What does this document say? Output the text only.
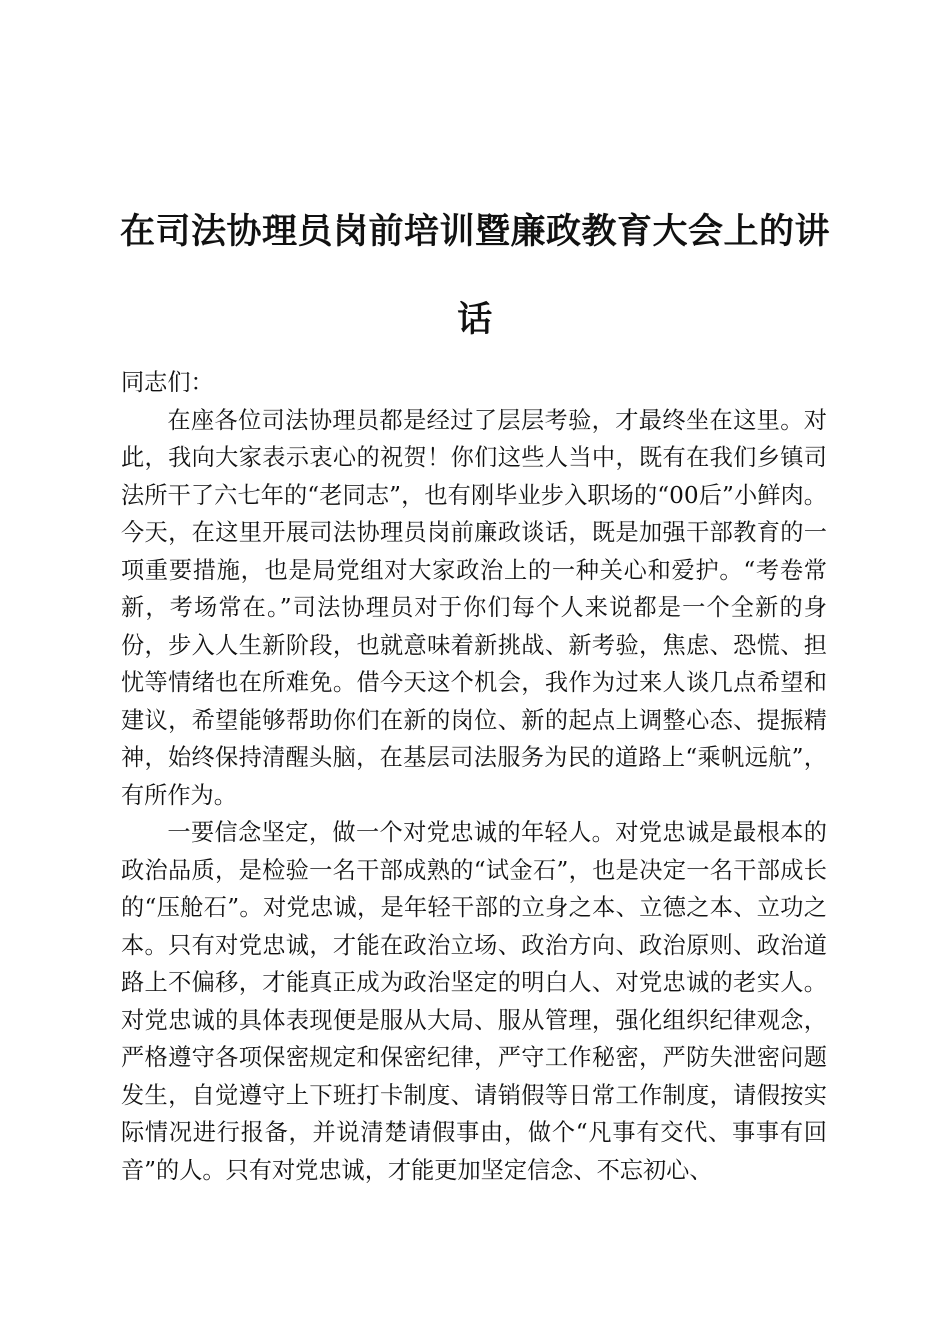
在司法协理员岗前培训暨廉政教育大会上的讲话

同志们：

在座各位司法协理员都是经过了层层考验，才最终坐在这里。对此，我向大家表示衷心的祝贺！你们这些人当中，既有在我们乡镇司法所干了六七年的“老同志”，也有刚毕业步入职场的“00后”小鲜肉。今天，在这里开展司法协理员岗前廉政谈话，既是加强干部教育的一项重要措施，也是局党组对大家政治上的一种关心和爱护。“考卷常新，考场常在。”司法协理员对于你们每个人来说都是一个全新的身份，步入人生新阶段，也就意味着新挑战、新考验，焦虑、恐慌、担忧等情绪也在所难免。借今天这个机会，我作为过来人谈几点希望和建议，希望能够帮助你们在新的岗位、新的起点上调整心态、提振精神，始终保持清醒头脑，在基层司法服务为民的道路上“乘帆远航”，有所作为。

一要信念坚定，做一个对党忠诚的年轻人。对党忠诚是最根本的政治品质，是检验一名干部成熟的“试金石”，也是决定一名干部成长的“压舱石”。对党忠诚，是年轻干部的立身之本、立德之本、立功之本。只有对党忠诚，才能在政治立场、政治方向、政治原则、政治道路上不偏移，才能真正成为政治坚定的明白人、对党忠诚的老实人。对党忠诚的具体表现便是服从大局、服从管理，强化组织纪律观念，严格遵守各项保密规定和保密纪律，严守工作秘密，严防失泄密问题发生，自觉遵守上下班打卡制度、请销假等日常工作制度，请假按实际情况进行报备，并说清楚请假事由，做个“凡事有交代、事事有回音”的人。只有对党忠诚，才能更加坚定信念、不忘初心、
